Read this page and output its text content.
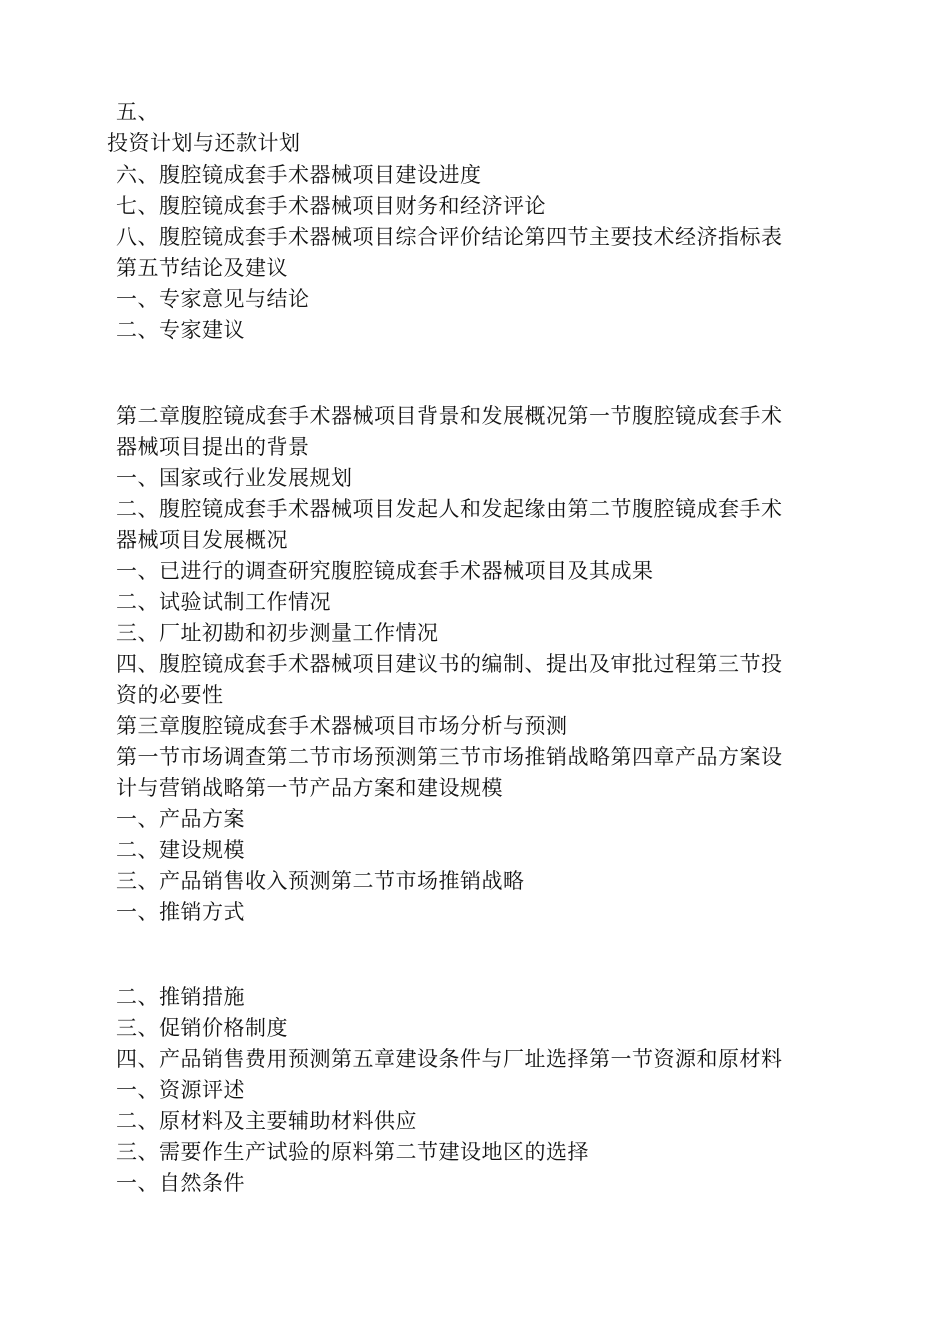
五、
投资计划与还款计划
六、腹腔镜成套手术器械项目建设进度
七、腹腔镜成套手术器械项目财务和经济评论
八、腹腔镜成套手术器械项目综合评价结论第四节主要技术经济指标表
第五节结论及建议
一、专家意见与结论
二、专家建议
第二章腹腔镜成套手术器械项目背景和发展概况第一节腹腔镜成套手术
器械项目提出的背景
一、国家或行业发展规划
二、腹腔镜成套手术器械项目发起人和发起缘由第二节腹腔镜成套手术
器械项目发展概况
一、已进行的调查研究腹腔镜成套手术器械项目及其成果
二、试验试制工作情况
三、厂址初勘和初步测量工作情况
四、腹腔镜成套手术器械项目建议书的编制、提出及审批过程第三节投
资的必要性
第三章腹腔镜成套手术器械项目市场分析与预测
第一节市场调查第二节市场预测第三节市场推销战略第四章产品方案设
计与营销战略第一节产品方案和建设规模
一、产品方案
二、建设规模
三、产品销售收入预测第二节市场推销战略
一、推销方式
二、推销措施
三、促销价格制度
四、产品销售费用预测第五章建设条件与厂址选择第一节资源和原材料
一、资源评述
二、原材料及主要辅助材料供应
三、需要作生产试验的原料第二节建设地区的选择
一、自然条件
